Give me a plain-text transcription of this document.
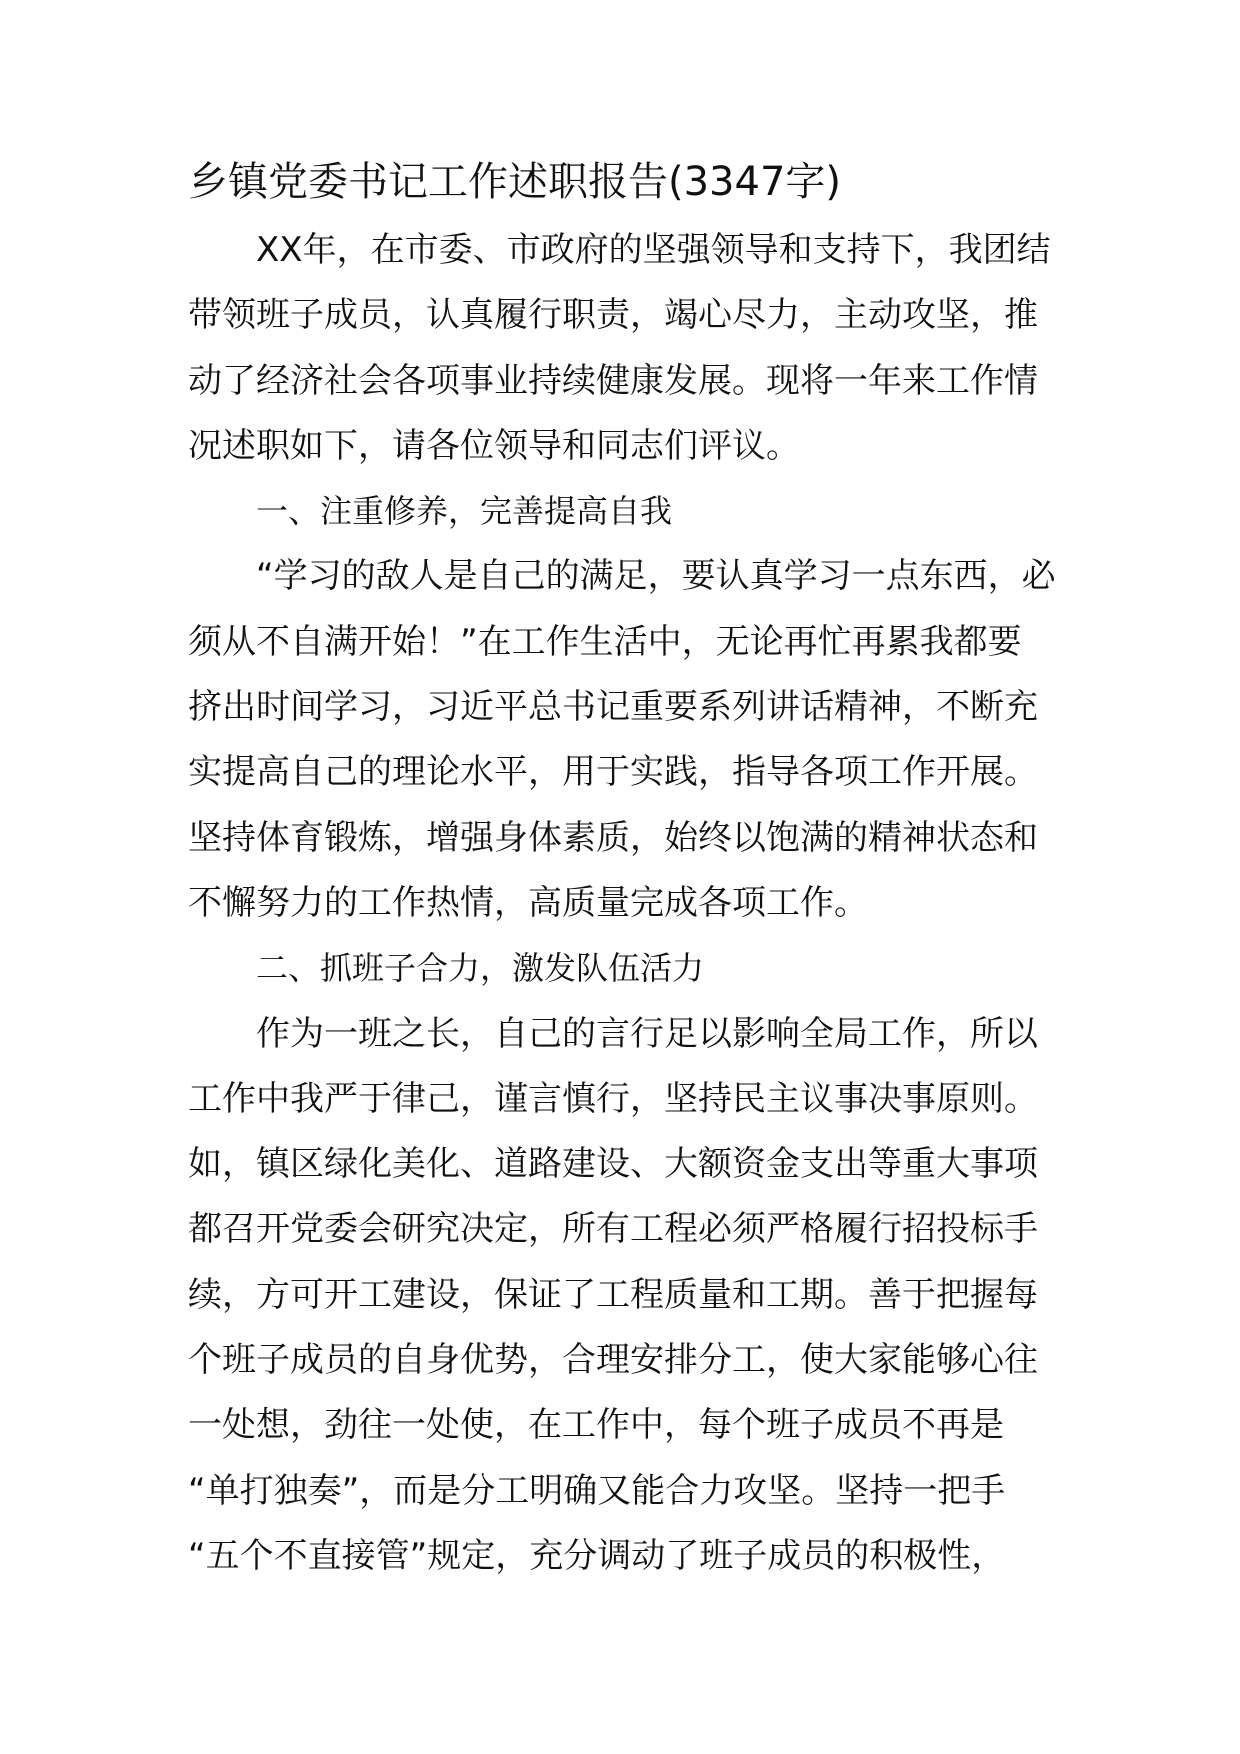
乡镇党委书记工作述职报告(3347字)
XX年，在市委、市政府的坚强领导和支持下，我团结
带领班子成员，认真履行职责，竭心尽力，主动攻坚，推
动了经济社会各项事业持续健康发展。现将一年来工作情
况述职如下，请各位领导和同志们评议。
一、注重修养，完善提高自我
“学习的敌人是自己的满足，要认真学习一点东西，必
须从不自满开始！”在工作生活中，无论再忙再累我都要
挤出时间学习，习近平总书记重要系列讲话精神，不断充
实提高自己的理论水平，用于实践，指导各项工作开展。
坚持体育锻炼，增强身体素质，始终以饱满的精神状态和
不懈努力的工作热情，高质量完成各项工作。
二、抓班子合力，激发队伍活力
作为一班之长，自己的言行足以影响全局工作，所以
工作中我严于律己，谨言慎行，坚持民主议事决事原则。
如，镇区绿化美化、道路建设、大额资金支出等重大事项
都召开党委会研究决定，所有工程必须严格履行招投标手
续，方可开工建设，保证了工程质量和工期。善于把握每
个班子成员的自身优势，合理安排分工，使大家能够心往
一处想，劲往一处使，在工作中，每个班子成员不再是
“单打独奏”，而是分工明确又能合力攻坚。坚持一把手
“五个不直接管”规定，充分调动了班子成员的积极性，
